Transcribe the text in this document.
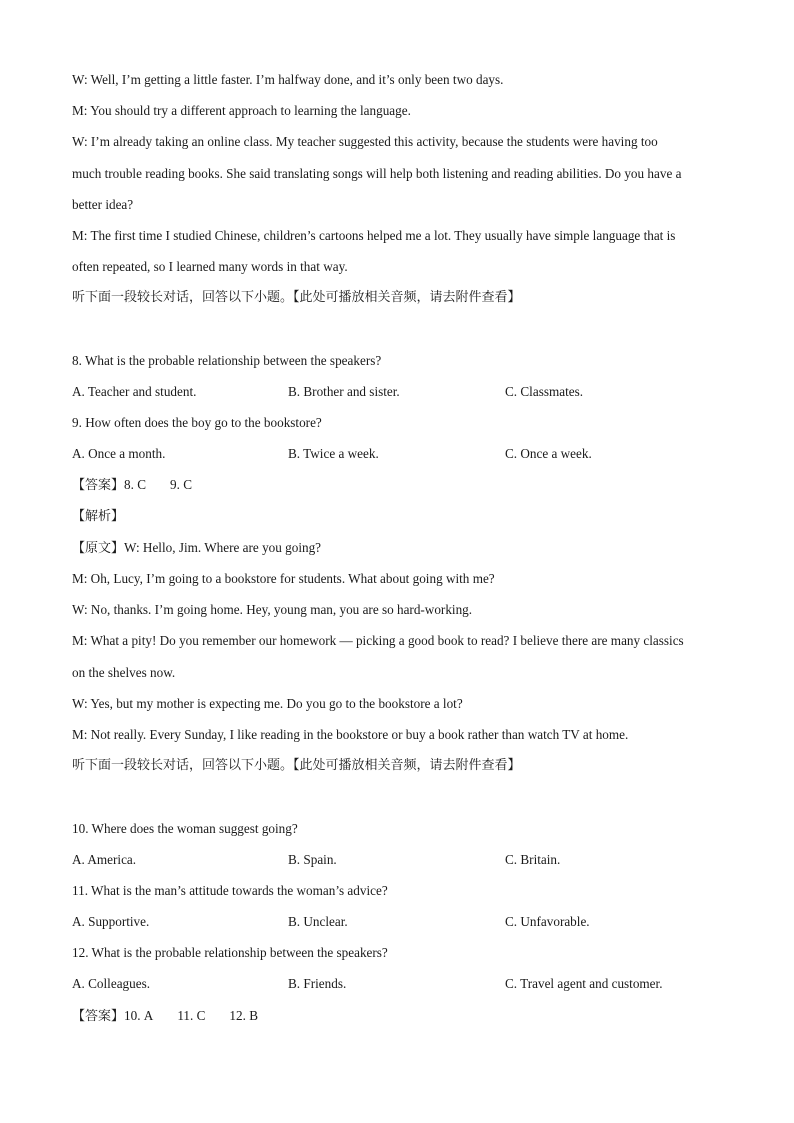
W: Well, I’m getting a little faster. I’m halfway done, and it’s only been two days.
M: You should try a different approach to learning the language.
W: I’m already taking an online class. My teacher suggested this activity, because the students were having too
much trouble reading books. She said translating songs will help both listening and reading abilities. Do you have a
better idea?
M: The first time I studied Chinese, children’s cartoons helped me a lot. They usually have simple language that is
often repeated, so I learned many words in that way.
听下面一段较长对话，回答以下小题。【此处可播放相关音频，请去附件查看】
8. What is the probable relationship between the speakers?
A. Teacher and student.	B. Brother and sister.	C. Classmates.
9. How often does the boy go to the bookstore?
A. Once a month.	B. Twice a week.	C. Once a week.
【答案】8. C 9. C
【解析】
【原文】W: Hello, Jim. Where are you going?
M: Oh, Lucy, I’m going to a bookstore for students. What about going with me?
W: No, thanks. I’m going home. Hey, young man, you are so hard-working.
M: What a pity! Do you remember our homework — picking a good book to read? I believe there are many classics
on the shelves now.
W: Yes, but my mother is expecting me. Do you go to the bookstore a lot?
M: Not really. Every Sunday, I like reading in the bookstore or buy a book rather than watch TV at home.
听下面一段较长对话，回答以下小题。【此处可播放相关音频，请去附件查看】
10. Where does the woman suggest going?
A. America.	B. Spain.	C. Britain.
11. What is the man’s attitude towards the woman’s advice?
A. Supportive.	B. Unclear.	C. Unfavorable.
12. What is the probable relationship between the speakers?
A. Colleagues.	B. Friends.	C. Travel agent and customer.
【答案】10. A 11. C 12. B
